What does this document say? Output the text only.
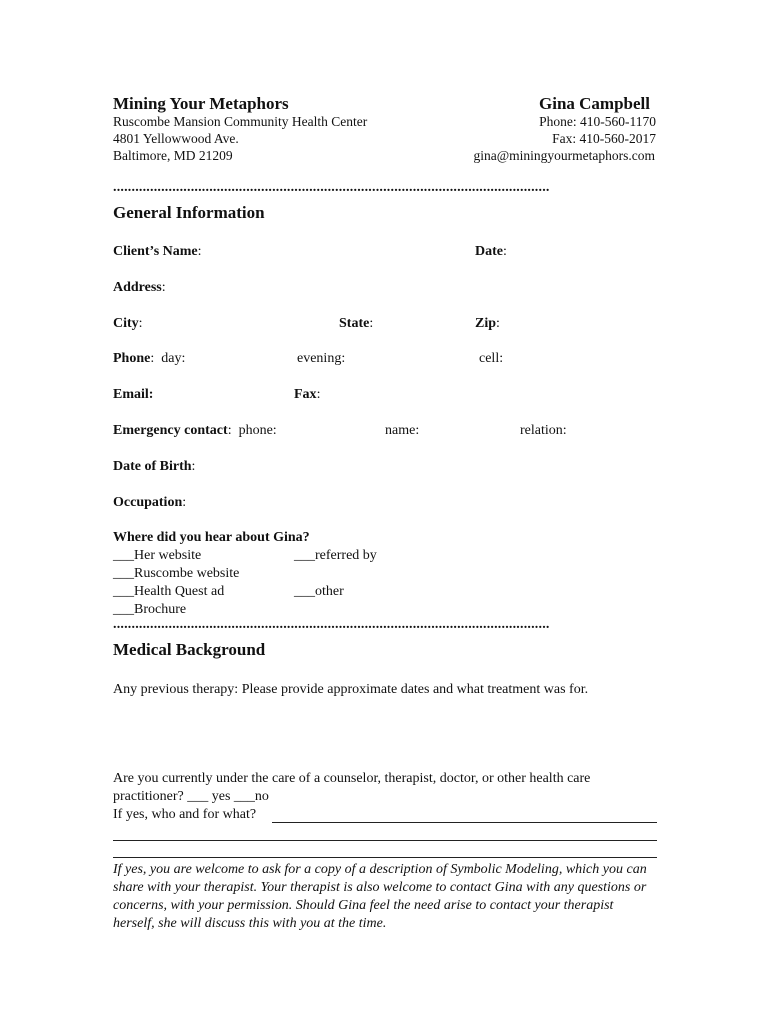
Mining Your Metaphors
Ruscombe Mansion Community Health Center
4801 Yellowwood Ave.
Baltimore, MD 21209
Gina Campbell
Phone: 410-560-1170
Fax: 410-560-2017
gina@miningyourmetaphors.com
......................................................................................................................
General Information
Client’s Name:	Date:
Address:
City:	State:	Zip:
Phone: day:	evening:	cell:
Email:	Fax:
Emergency contact: phone:	name:	relation:
Date of Birth:
Occupation:
Where did you hear about Gina?
___Her website
___Ruscombe website
___Health Quest ad
___Brochure
___referred by
___other
......................................................................................................................
Medical Background
Any previous therapy: Please provide approximate dates and what treatment was for.
Are you currently under the care of a counselor, therapist, doctor, or other health care
practitioner? ___ yes ___no
If yes, who and for what?
If yes, you are welcome to ask for a copy of a description of Symbolic Modeling, which you can share with your therapist. Your therapist is also welcome to contact Gina with any questions or concerns, with your permission. Should Gina feel the need arise to contact your therapist herself, she will discuss this with you at the time.
